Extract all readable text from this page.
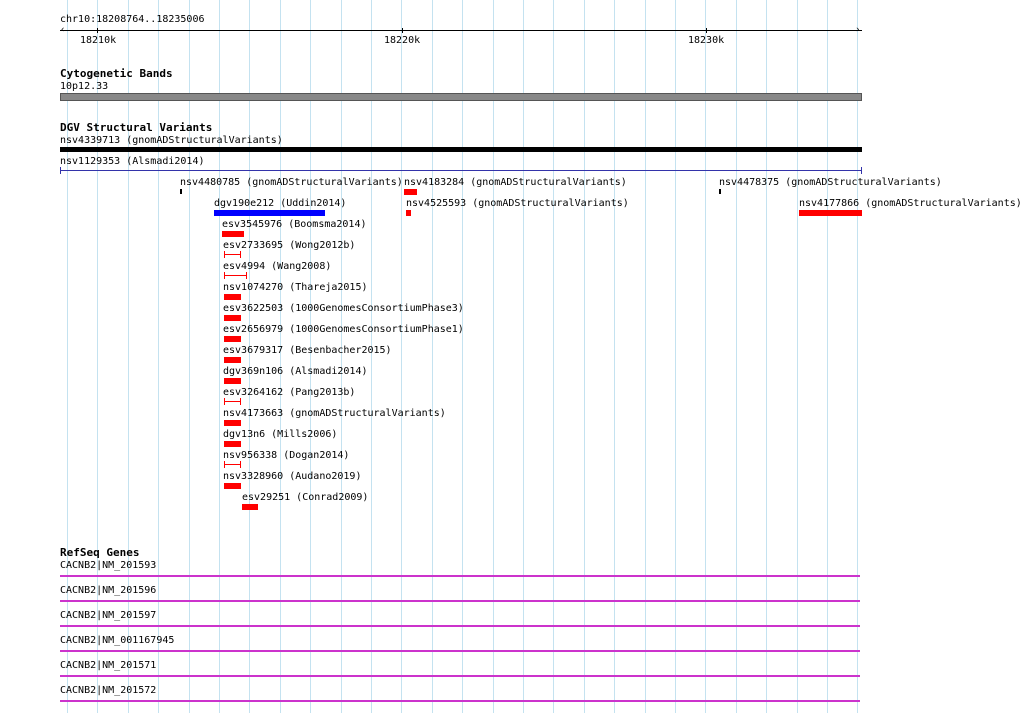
chr10:18208764..18235006
‹	›
18210k	18220k	18230k
Cytogenetic Bands
10p12.33
DGV Structural Variants
nsv4339713 (gnomADStructuralVariants)
nsv1129353 (Alsmadi2014)
nsv4480785 (gnomADStructuralVariants) nsv4183284 (gnomADStructuralVariants)	nsv4478375 (gnomADStructuralVariants)
dgv190e212 (Uddin2014)	nsv4525593 (gnomADStructuralVariants)	nsv4177866 (gnomADStructuralVariants)
esv3545976 (Boomsma2014)
esv2733695 (Wong2012b)
esv4994 (Wang2008)
nsv1074270 (Thareja2015)
esv3622503 (1000GenomesConsortiumPhase3)
esv2656979 (1000GenomesConsortiumPhase1)
esv3679317 (Besenbacher2015)
dgv369n106 (Alsmadi2014)
esv3264162 (Pang2013b)
nsv4173663 (gnomADStructuralVariants)
dgv13n6 (Mills2006)
nsv956338 (Dogan2014)
nsv3328960 (Audano2019)
esv29251 (Conrad2009)
RefSeq Genes
CACNB2|NM_201593
CACNB2|NM_201596
CACNB2|NM_201597
CACNB2|NM_001167945
CACNB2|NM_201571
CACNB2|NM_201572
